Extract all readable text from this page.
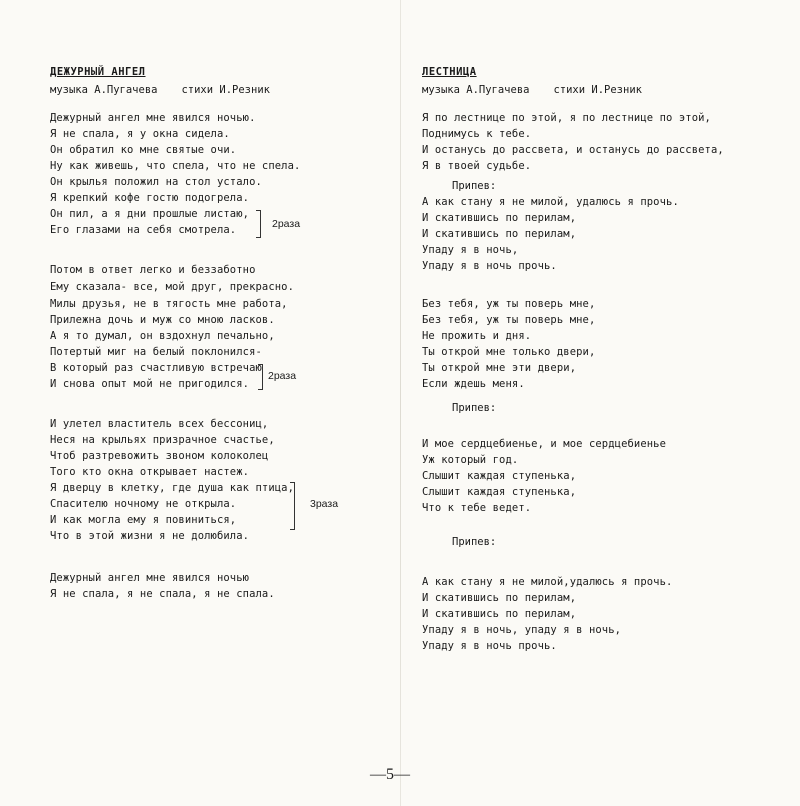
ДЕЖУРНЫЙ АНГЕЛ
музыка А.Пугачева стихи И.Резник
Дежурный ангел мне явился ночью.
Я не спала, я у окна сидела.
Он обратил ко мне святые очи.
Ну как живешь, что спела, что не спела.
Он крылья положил на стол устало.
Я крепкий кофе гостю подогрела.
Он пил, а я дни прошлые листаю,
Его глазами на себя смотрела.	2раза
Потом в ответ легко и беззаботно
Ему сказала- все, мой друг, прекрасно.
Милы друзья, не в тягость мне работа,
Прилежна дочь и муж со мною ласков.
А я то думал, он вздохнул печально,
Потертый миг на белый поклонился-
В который раз счастливую встречаю
И снова опыт мой не пригодился.
2раза
И улетел властитель всех бессониц,
Неся на крыльях призрачное счастье,
Чтоб разтревожить звоном колоколец
Того кто окна открывает настеж.
Я дверцу в клетку, где душа как птица,
Спасителю ночному не открыла.
И как могла ему я повиниться,
Что в этой жизни я не долюбила.
3раза
Дежурный ангел мне явился ночью
Я не спала, я не спала, я не спала.
ЛЕСТНИЦА
музыка А.Пугачева стихи И.Резник
Я по лестнице по этой, я по лестнице по этой,
Поднимусь к тебе.
И останусь до рассвета, и останусь до рассвета,
Я в твоей судьбе.
Припев:
А как стану я не милой, удалюсь я прочь.
И скатившись по перилам,
И скатившись по перилам,
Упаду я в ночь,
Упаду я в ночь прочь.
Без тебя, уж ты поверь мне,
Без тебя, уж ты поверь мне,
Не прожить и дня.
Ты открой мне только двери,
Ты открой мне эти двери,
Если ждешь меня.
Припев:
И мое сердцебиенье, и мое сердцебиенье
Уж который год.
Слышит каждая ступенька,
Слышит каждая ступенька,
Что к тебе ведет.
Припев:
А как стану я не милой,удалюсь я прочь.
И скатившись по перилам,
И скатившись по перилам,
Упаду я в ночь, упаду я в ночь,
Упаду я в ночь прочь.
—5—
